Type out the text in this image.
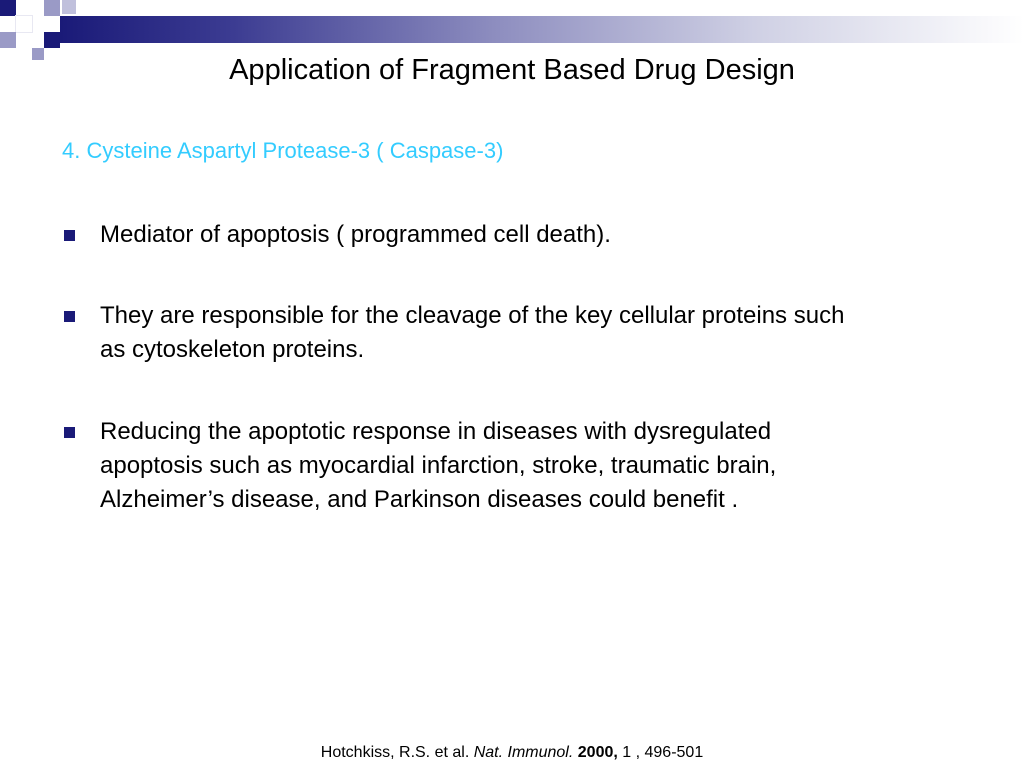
Application of Fragment Based Drug Design
4. Cysteine Aspartyl Protease-3 ( Caspase-3)
Mediator of apoptosis ( programmed cell death).
They are responsible for the cleavage of the key cellular proteins such
as cytoskeleton proteins.
Reducing the apoptotic response in diseases with dysregulated
apoptosis such as myocardial infarction, stroke, traumatic brain,
Alzheimer’s disease, and Parkinson diseases could benefit .
Hotchkiss, R.S. et al. Nat. Immunol. 2000, 1 , 496-501
